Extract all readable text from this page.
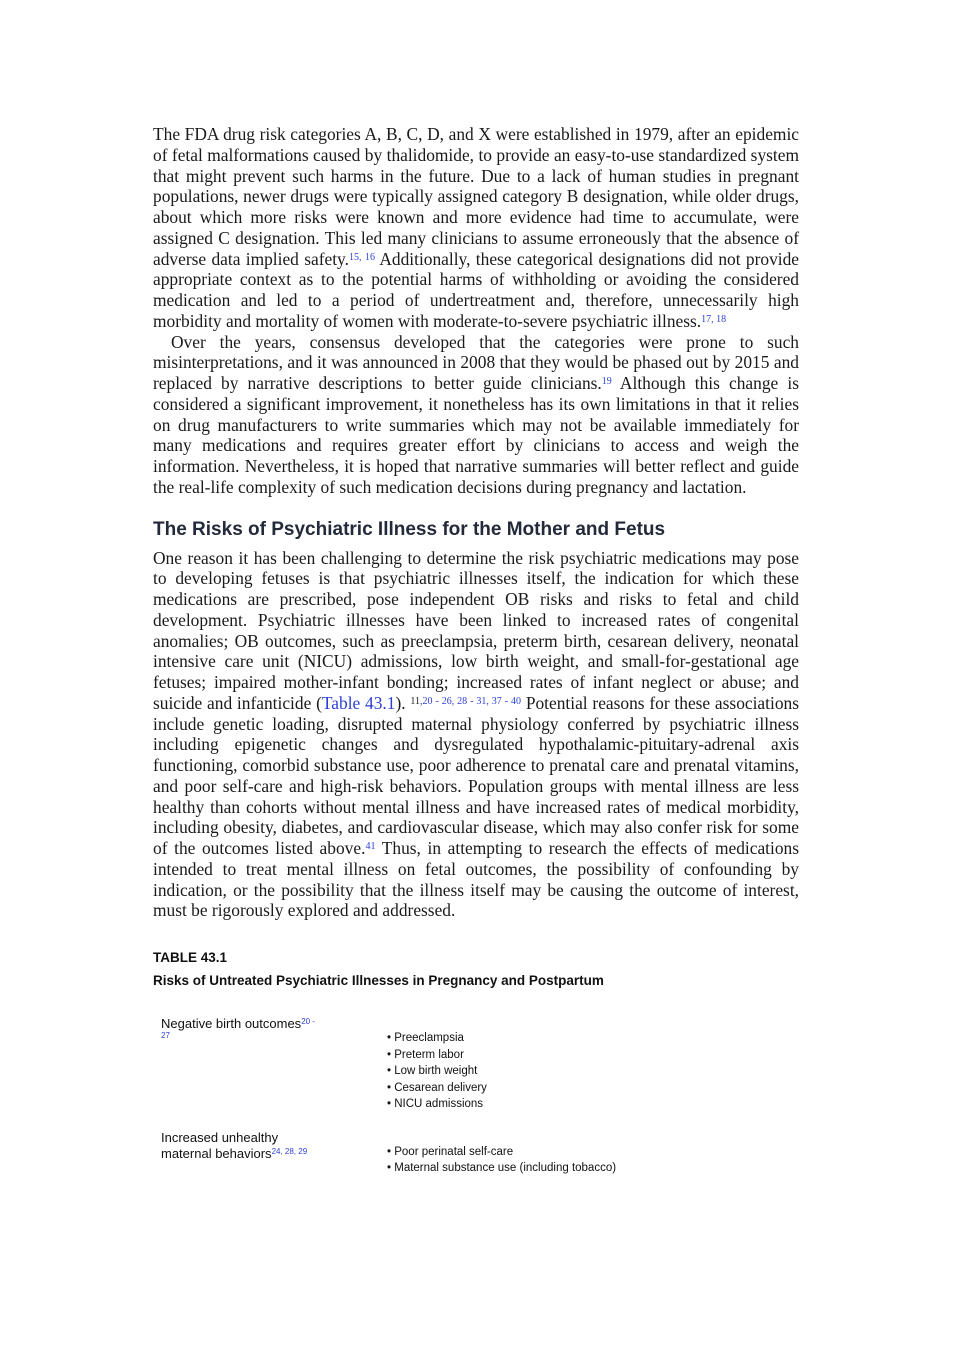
The FDA drug risk categories A, B, C, D, and X were established in 1979, after an epidemic of fetal malformations caused by thalidomide, to provide an easy-to-use standardized system that might prevent such harms in the future. Due to a lack of human studies in pregnant populations, newer drugs were typically assigned category B designation, while older drugs, about which more risks were known and more evidence had time to accumulate, were assigned C designation. This led many clinicians to assume erroneously that the absence of adverse data implied safety.$^{15, 16}$ Additionally, these categorical designations did not provide appropriate context as to the potential harms of withholding or avoiding the considered medication and led to a period of undertreatment and, therefore, unnecessarily high morbidity and mortality of women with moderate-to-severe psychiatric illness.$^{17, 18}$

Over the years, consensus developed that the categories were prone to such misinterpretations, and it was announced in 2008 that they would be phased out by 2015 and replaced by narrative descriptions to better guide clinicians.$^{19}$ Although this change is considered a significant improvement, it nonetheless has its own limitations in that it relies on drug manufacturers to write summaries which may not be available immediately for many medications and requires greater effort by clinicians to access and weigh the information. Nevertheless, it is hoped that narrative summaries will better reflect and guide the real-life complexity of such medication decisions during pregnancy and lactation.

The Risks of Psychiatric Illness for the Mother and Fetus

One reason it has been challenging to determine the risk psychiatric medications may pose to developing fetuses is that psychiatric illnesses itself, the indication for which these medications are prescribed, pose independent OB risks and risks to fetal and child development. Psychiatric illnesses have been linked to increased rates of congenital anomalies; OB outcomes, such as preeclampsia, preterm birth, cesarean delivery, neonatal intensive care unit (NICU) admissions, low birth weight, and small-for-gestational age fetuses; impaired mother-infant bonding; increased rates of infant neglect or abuse; and suicide and infanticide (Table 43.1). $^{11,20 - 26, 28 - 31, 37 - 40}$ Potential reasons for these associations include genetic loading, disrupted maternal physiology conferred by psychiatric illness including epigenetic changes and dysregulated hypothalamic-pituitary-adrenal axis functioning, comorbid substance use, poor adherence to prenatal care and prenatal vitamins, and poor self-care and high-risk behaviors. Population groups with mental illness are less healthy than cohorts without mental illness and have increased rates of medical morbidity, including obesity, diabetes, and cardiovascular disease, which may also confer risk for some of the outcomes listed above.$^{41}$ Thus, in attempting to research the effects of medications intended to treat mental illness on fetal outcomes, the possibility of confounding by indication, or the possibility that the illness itself may be causing the outcome of interest, must be rigorously explored and addressed.

TABLE 43.1
Risks of Untreated Psychiatric Illnesses in Pregnancy and Postpartum
Negative birth outcomes$^{20 -}$
$^{27}$	• Preeclampsia
• Preterm labor
• Low birth weight
• Cesarean delivery
• NICU admissions
Increased unhealthy
maternal behaviors$^{24, 28, 29}$	• Poor perinatal self-care
• Maternal substance use (including tobacco)
